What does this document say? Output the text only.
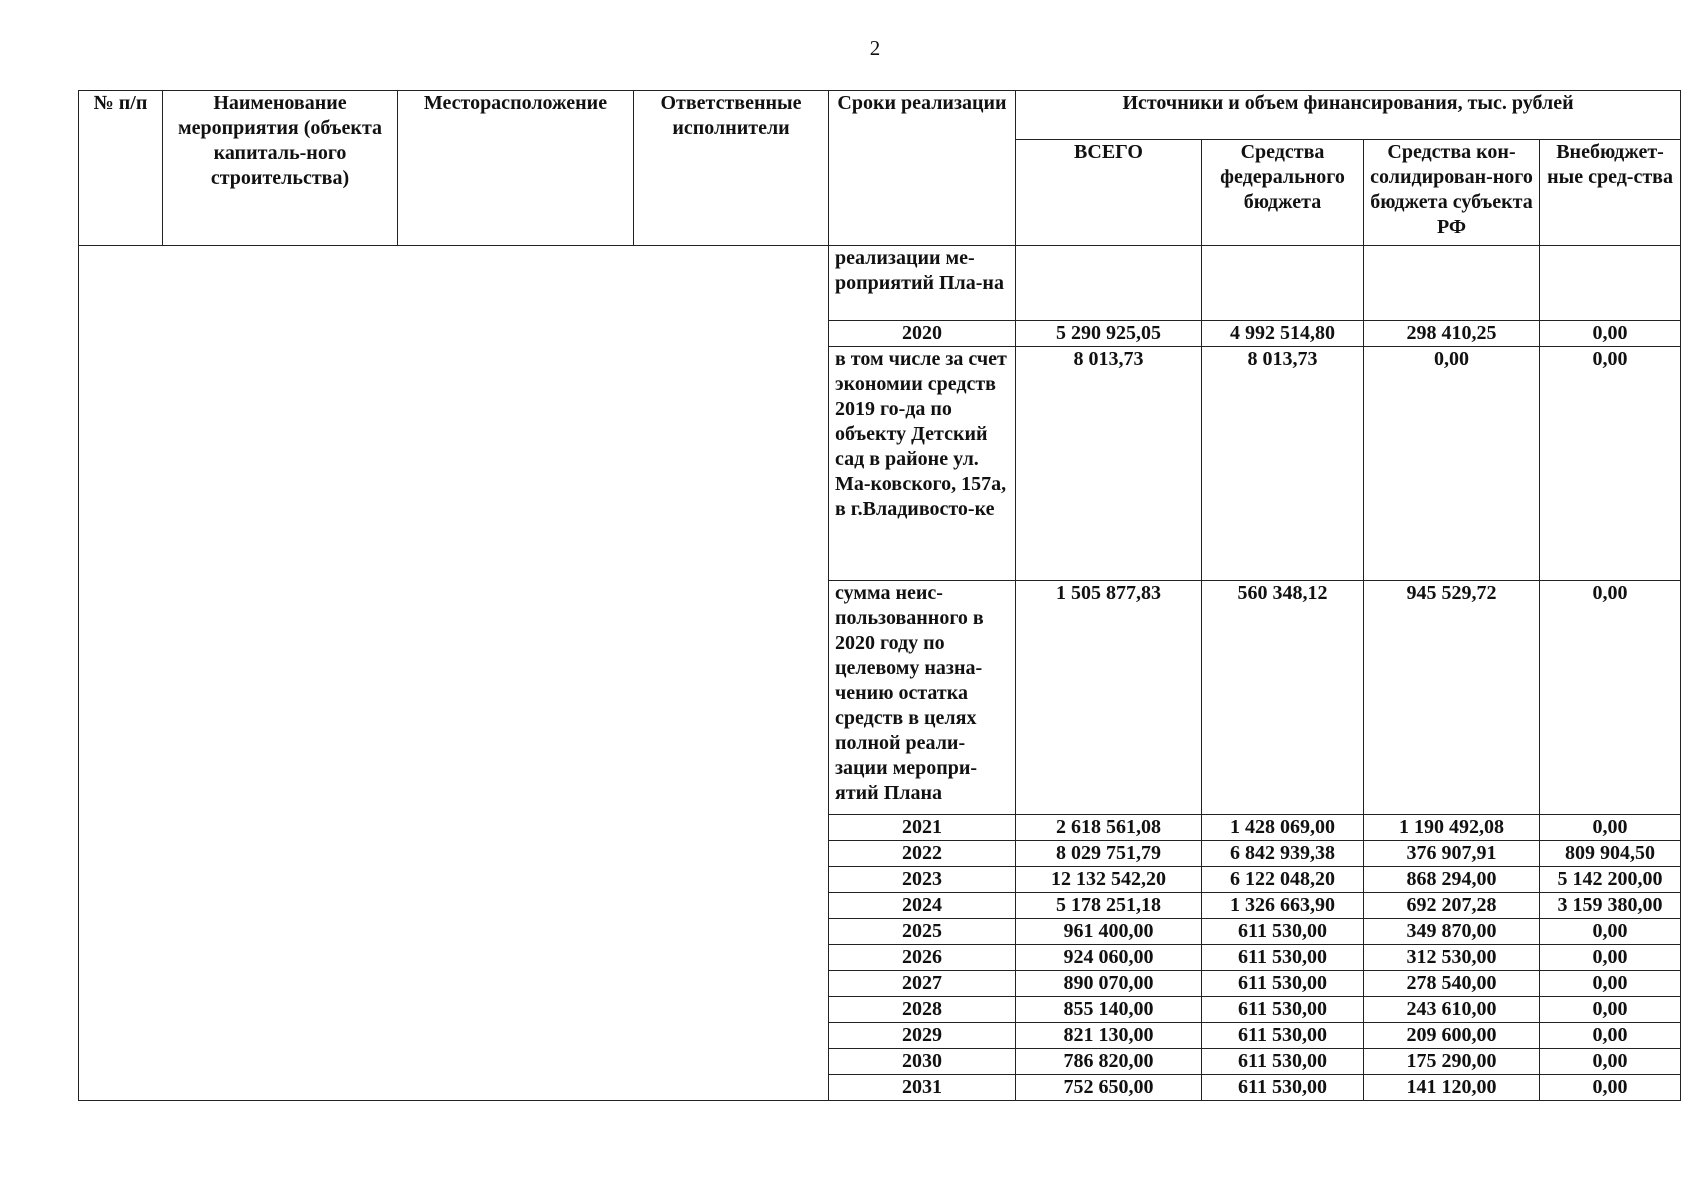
2
№ п/п	Наименование мероприятия (объекта капиталь-ного строительства)	Месторасположение	Ответственные исполнители	Сроки реализации	Источники и объем финансирования, тыс. рублей			
					ВСЕГО	Средства федерального бюджета	Средства кон-солидирован-ного бюджета субъекта РФ	Внебюджет-ные сред-ства
				реализации ме-роприятий Пла-на				
				2020	5 290 925,05	4 992 514,80	298 410,25	0,00
				в том числе за счет экономии средств 2019 го-да по объекту Детский сад в районе ул. Ма-ковского, 157а, в г.Владивосто-ке	8 013,73	8 013,73	0,00	0,00
				сумма неис-пользованного в 2020 году по целевому назна-чению остатка средств в целях полной реали-зации меропри-ятий Плана	1 505 877,83	560 348,12	945 529,72	0,00
				2021	2 618 561,08	1 428 069,00	1 190 492,08	0,00
				2022	8 029 751,79	6 842 939,38	376 907,91	809 904,50
				2023	12 132 542,20	6 122 048,20	868 294,00	5 142 200,00
				2024	5 178 251,18	1 326 663,90	692 207,28	3 159 380,00
				2025	961 400,00	611 530,00	349 870,00	0,00
				2026	924 060,00	611 530,00	312 530,00	0,00
				2027	890 070,00	611 530,00	278 540,00	0,00
				2028	855 140,00	611 530,00	243 610,00	0,00
				2029	821 130,00	611 530,00	209 600,00	0,00
				2030	786 820,00	611 530,00	175 290,00	0,00
				2031	752 650,00	611 530,00	141 120,00	0,00
